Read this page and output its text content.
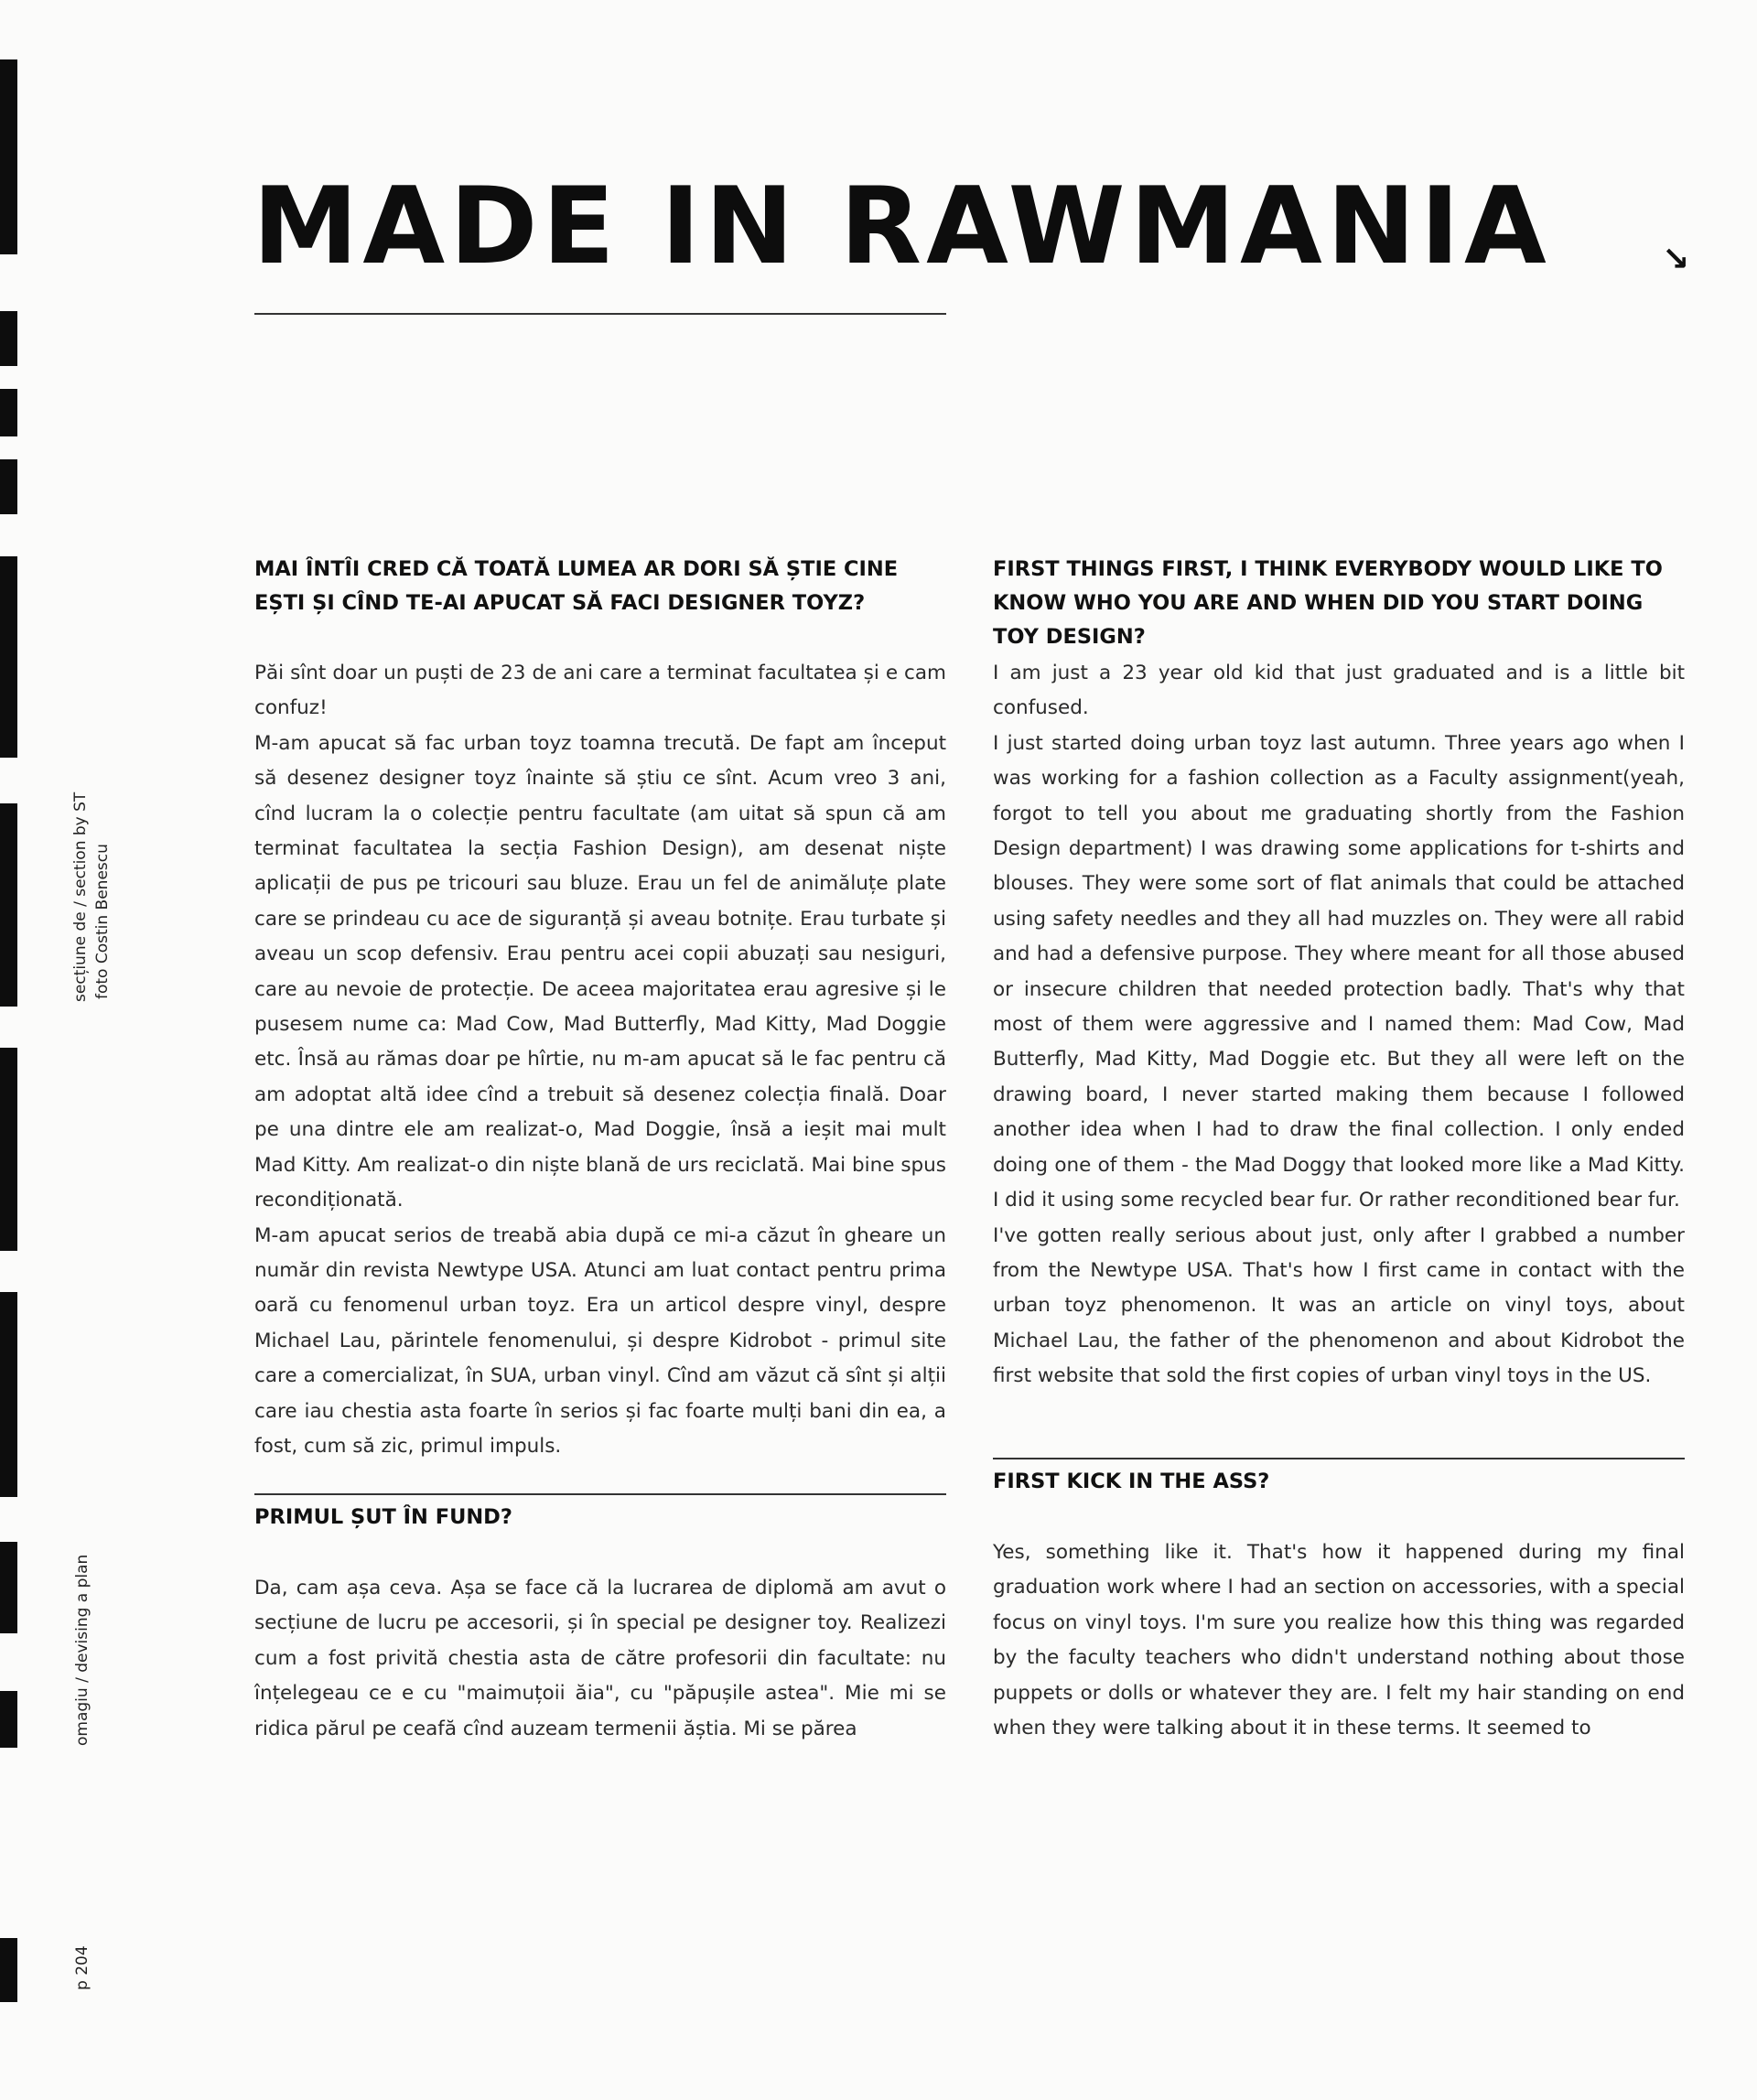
MADE IN RAWMANIA	↘
secțiune de / section by ST foto Costin Benescu
omagiu / devising a plan
p 204
MAI ÎNTÎI CRED CĂ TOATĂ LUMEA AR DORI SĂ ȘTIE CINE EȘTI ȘI CÎND TE-AI APUCAT SĂ FACI DESIGNER TOYZ?

Păi sînt doar un puști de 23 de ani care a terminat facultatea și e cam confuz!

M-am apucat să fac urban toyz toamna trecută. De fapt am început să desenez designer toyz înainte să știu ce sînt. Acum vreo 3 ani, cînd lucram la o colecție pentru facultate (am uitat să spun că am terminat facultatea la secția Fashion Design), am desenat niște aplicații de pus pe tricouri sau bluze. Erau un fel de animăluțe plate care se prindeau cu ace de siguranță și aveau botnițe. Erau turbate și aveau un scop defensiv. Erau pentru acei copii abuzați sau nesiguri, care au nevoie de protecție. De aceea majoritatea erau agresive și le pusesem nume ca: Mad Cow, Mad Butterfly, Mad Kitty, Mad Doggie etc. Însă au rămas doar pe hîrtie, nu m-am apucat să le fac pentru că am adoptat altă idee cînd a trebuit să desenez colecția finală. Doar pe una dintre ele am realizat-o, Mad Doggie, însă a ieșit mai mult Mad Kitty. Am realizat-o din niște blană de urs reciclată. Mai bine spus recondiționată.

M-am apucat serios de treabă abia după ce mi-a căzut în gheare un număr din revista Newtype USA. Atunci am luat contact pentru prima oară cu fenomenul urban toyz. Era un articol despre vinyl, despre Michael Lau, părintele fenomenului, și despre Kidrobot - primul site care a comercializat, în SUA, urban vinyl. Cînd am văzut că sînt și alții care iau chestia asta foarte în serios și fac foarte mulți bani din ea, a fost, cum să zic, primul impuls.

PRIMUL ȘUT ÎN FUND?

Da, cam așa ceva. Așa se face că la lucrarea de diplomă am avut o secțiune de lucru pe accesorii, și în special pe designer toy. Realizezi cum a fost privită chestia asta de către profesorii din facultate: nu înțelegeau ce e cu "maimuțoii ăia", cu "păpușile astea". Mie mi se ridica părul pe ceafă cînd auzeam termenii ăștia. Mi se părea

FIRST THINGS FIRST, I THINK EVERYBODY WOULD LIKE TO KNOW WHO YOU ARE AND WHEN DID YOU START DOING TOY DESIGN?

I am just a 23 year old kid that just graduated and is a little bit confused.

I just started doing urban toyz last autumn. Three years ago when I was working for a fashion collection as a Faculty assignment(yeah, forgot to tell you about me graduating shortly from the Fashion Design department) I was drawing some applications for t-shirts and blouses. They were some sort of flat animals that could be attached using safety needles and they all had muzzles on. They were all rabid and had a defensive purpose. They where meant for all those abused or insecure children that needed protection badly. That's why that most of them were aggressive and I named them: Mad Cow, Mad Butterfly, Mad Kitty, Mad Doggie etc. But they all were left on the drawing board, I never started making them because I followed another idea when I had to draw the final collection. I only ended doing one of them - the Mad Doggy that looked more like a Mad Kitty. I did it using some recycled bear fur. Or rather reconditioned bear fur.

I've gotten really serious about just, only after I grabbed a number from the Newtype USA. That's how I first came in contact with the urban toyz phenomenon. It was an article on vinyl toys, about Michael Lau, the father of the phenomenon and about Kidrobot the first website that sold the first copies of urban vinyl toys in the US.

FIRST KICK IN THE ASS?

Yes, something like it. That's how it happened during my final graduation work where I had an section on accessories, with a special focus on vinyl toys. I'm sure you realize how this thing was regarded by the faculty teachers who didn't understand nothing about those puppets or dolls or whatever they are. I felt my hair standing on end when they were talking about it in these terms. It seemed to
